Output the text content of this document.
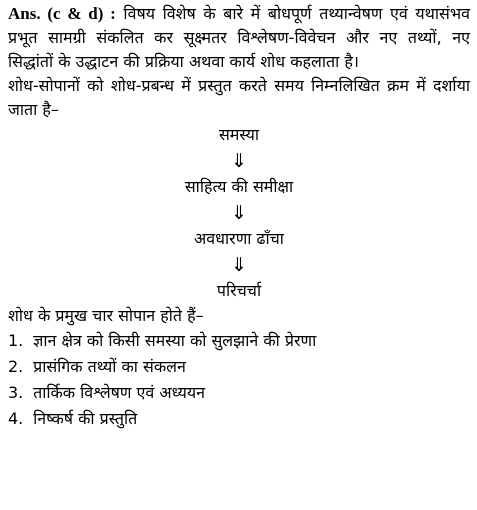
Ans. (c & d) : विषय विशेष के बारे में बोधपूर्ण तथ्यान्वेषण एवं यथासंभव प्रभूत सामग्री संकलित कर सूक्ष्मतर विश्लेषण-विवेचन और नए तथ्यों, नए सिद्धांतों के उद्धाटन की प्रक्रिया अथवा कार्य शोध कहलाता है।

शोध-सोपानों को शोध-प्रबन्ध में प्रस्तुत करते समय निम्नलिखित क्रम में दर्शाया जाता है–

समस्या
⇓
साहित्य की समीक्षा
⇓
अवधारणा ढाँचा
⇓
परिचर्चा

शोध के प्रमुख चार सोपान होते हैं–

1. ज्ञान क्षेत्र को किसी समस्या को सुलझाने की प्रेरणा
2. प्रासंगिक तथ्यों का संकलन
3. तार्किक विश्लेषण एवं अध्ययन
4. निष्कर्ष की प्रस्तुति
